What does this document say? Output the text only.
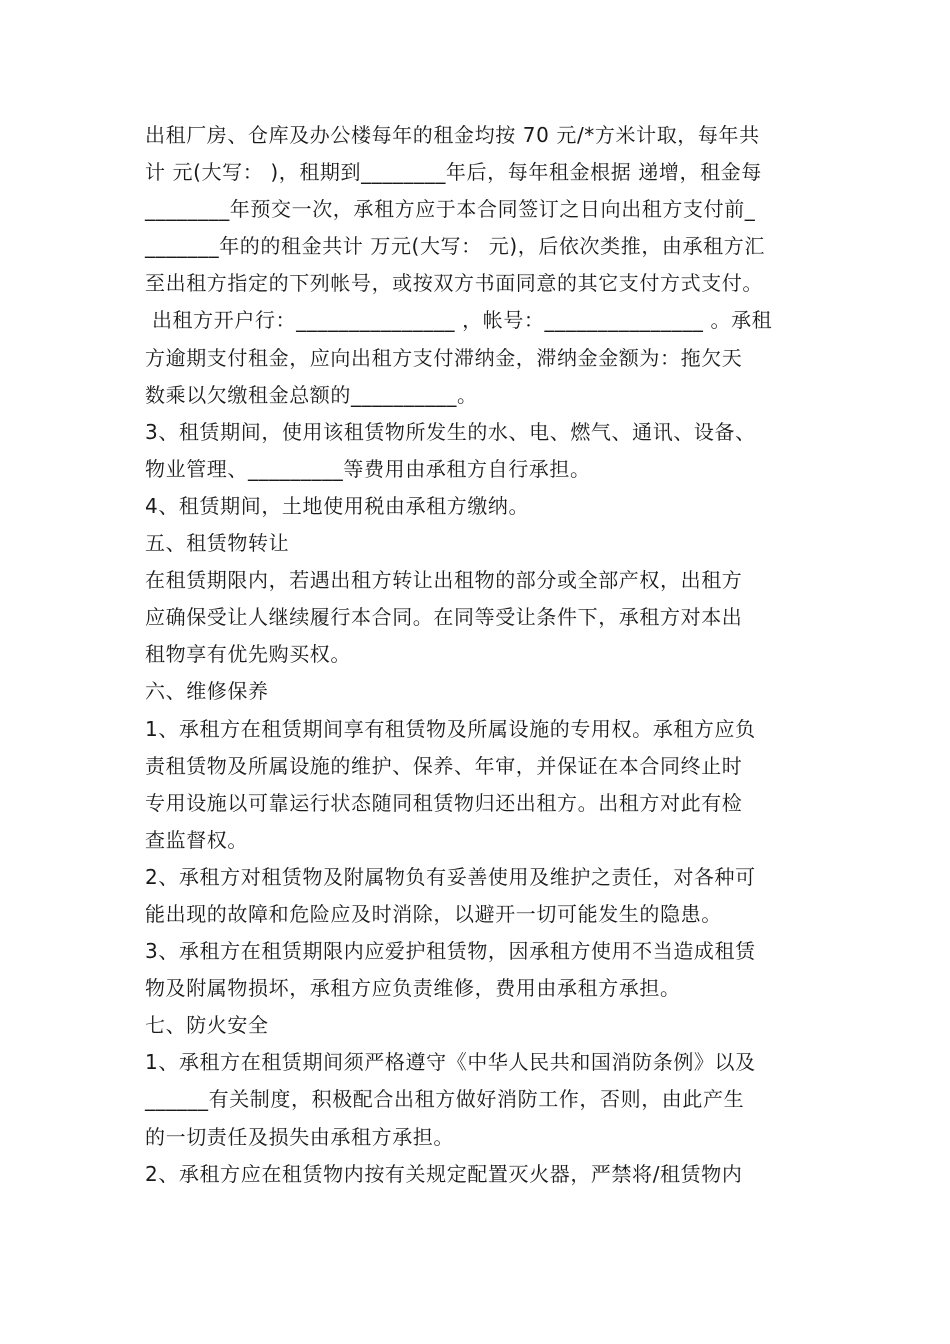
出租厂房、仓库及办公楼每年的租金均按 70 元/*方米计取，每年共
计 元(大写： )，租期到________年后，每年租金根据 递增，租金每
________年预交一次，承租方应于本合同签订之日向出租方支付前_
_______年的的租金共计 万元(大写： 元)，后依次类推，由承租方汇
至出租方指定的下列帐号，或按双方书面同意的其它支付方式支付。
出租方开户行：_______________ ，帐号：_______________ 。承租
方逾期支付租金，应向出租方支付滞纳金，滞纳金金额为：拖欠天
数乘以欠缴租金总额的__________。
3、租赁期间，使用该租赁物所发生的水、电、燃气、通讯、设备、
物业管理、_________等费用由承租方自行承担。
4、租赁期间，土地使用税由承租方缴纳。
五、租赁物转让
在租赁期限内，若遇出租方转让出租物的部分或全部产权，出租方
应确保受让人继续履行本合同。在同等受让条件下，承租方对本出
租物享有优先购买权。
六、维修保养
1、承租方在租赁期间享有租赁物及所属设施的专用权。承租方应负
责租赁物及所属设施的维护、保养、年审，并保证在本合同终止时
专用设施以可靠运行状态随同租赁物归还出租方。出租方对此有检
查监督权。
2、承租方对租赁物及附属物负有妥善使用及维护之责任，对各种可
能出现的故障和危险应及时消除，以避开一切可能发生的隐患。
3、承租方在租赁期限内应爱护租赁物，因承租方使用不当造成租赁
物及附属物损坏，承租方应负责维修，费用由承租方承担。
七、防火安全
1、承租方在租赁期间须严格遵守《中华人民共和国消防条例》以及
______有关制度，积极配合出租方做好消防工作，否则，由此产生
的一切责任及损失由承租方承担。
2、承租方应在租赁物内按有关规定配置灭火器，严禁将/租赁物内
